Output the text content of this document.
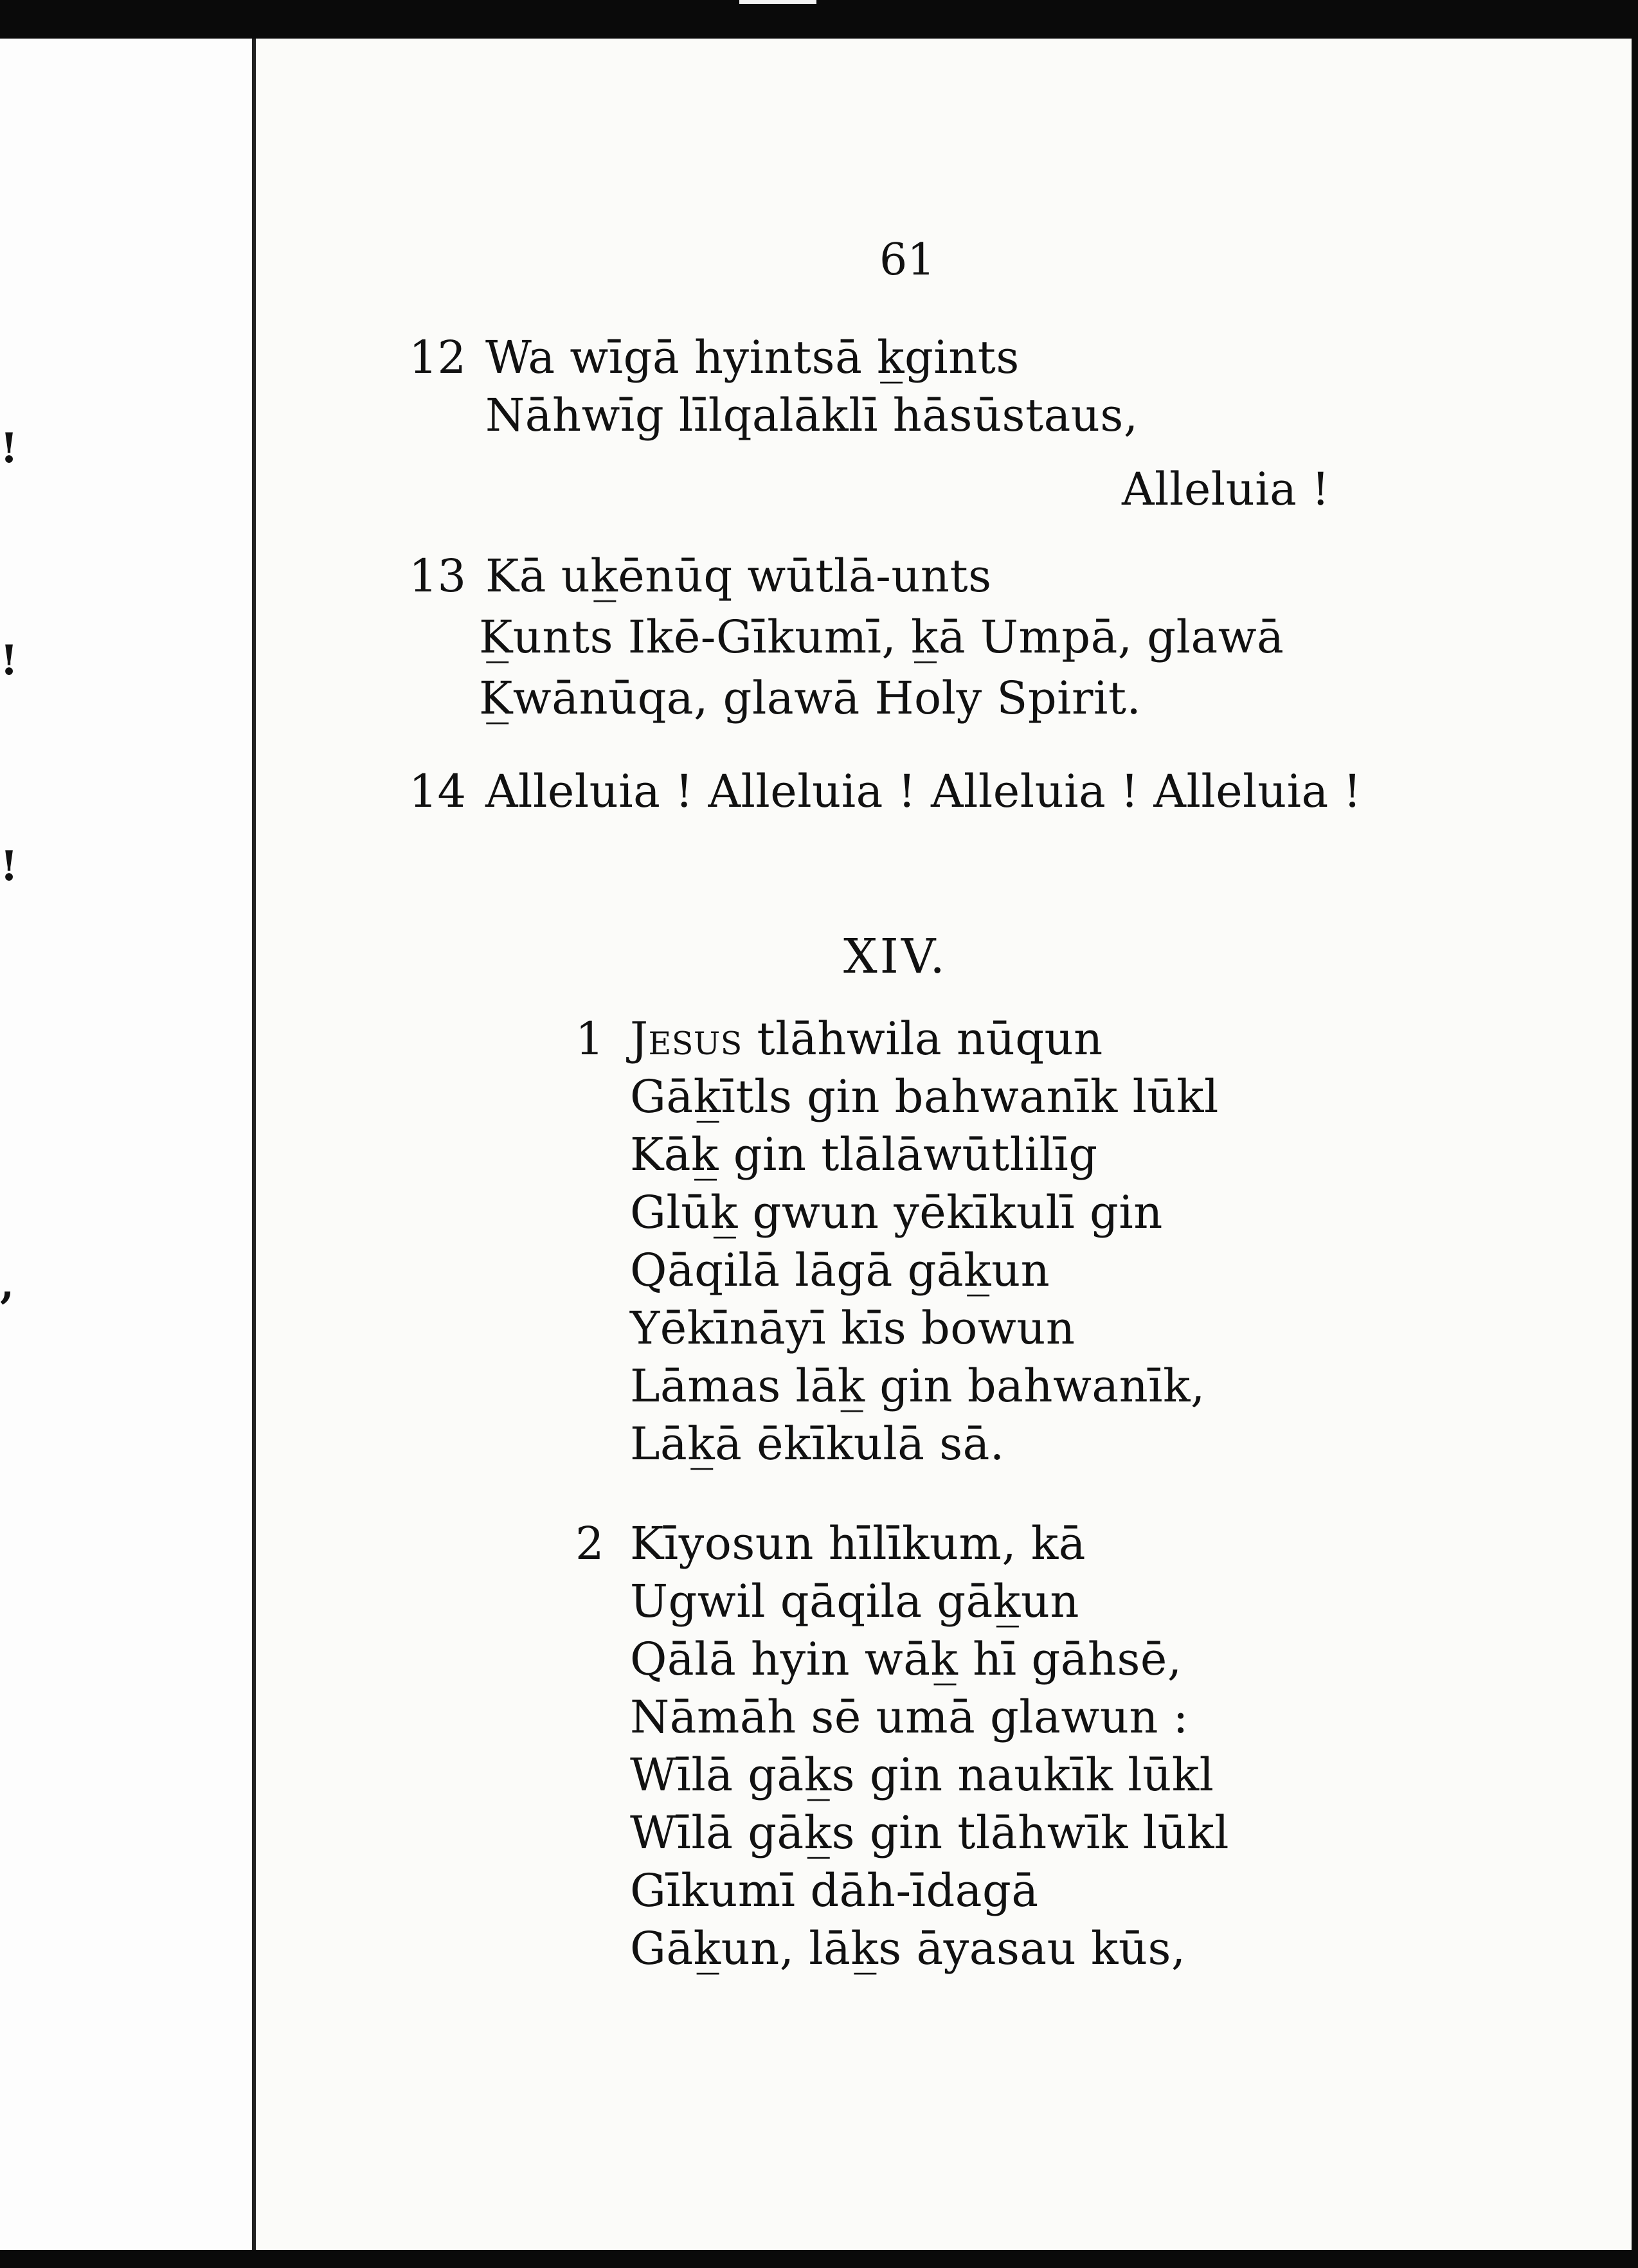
!
!
!
,
61
12 Wa wīgā hyintsā k̲gints
Nāhwīg līlqalāklī hāsūstaus,
Alleluia !
13 Kā uk̲ēnūq wūtlā-unts
K̲unts Ikē-Gīkumī, k̲ā Umpā, glawā
K̲wānūqa, glawā Holy Spirit.
14 Alleluia ! Alleluia ! Alleluia ! Alleluia !
XIV.
1 Jesus tlāhwila nūqun
Gāk̲ītls gin bahwanīk lūkl
Kāk̲ gin tlālāwūtlilīg
Glūk̲ gwun yēkīkulī gin
Qāqilā lāgā gāk̲un
Yēkīnāyī kīs bowun
Lāmas lāk̲ gin bahwanīk,
Lāk̲ā ēkīkulā sā.
2 Kīyosun hīlīkum, kā
Ugwil qāqila gāk̲un
Qālā hyin wāk̲ hī gāhsē,
Nāmāh sē umā glawun :
Wīlā gāk̲s gin naukīk lūkl
Wīlā gāk̲s gin tlāhwīk lūkl
Gīkumī dāh-īdagā
Gāk̲un, lāk̲s āyasau kūs,
